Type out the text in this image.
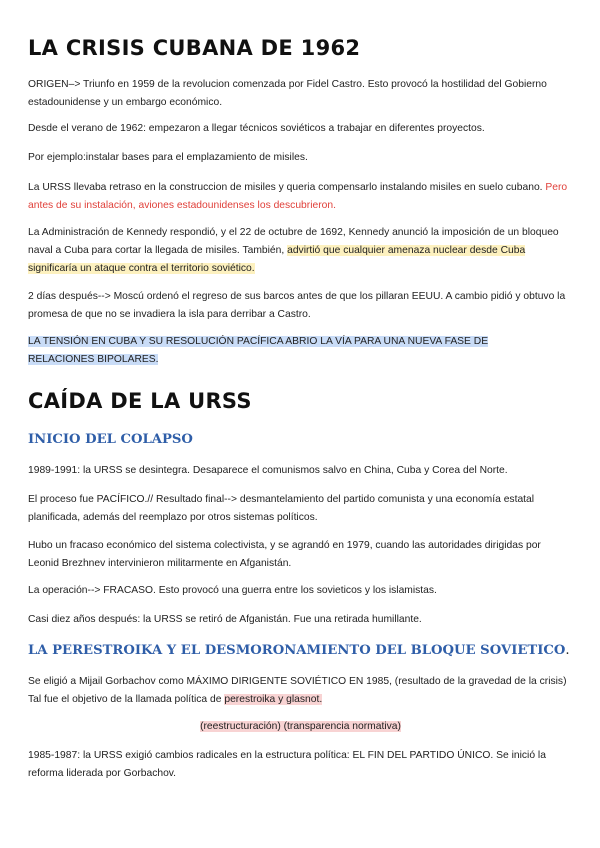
LA CRISIS CUBANA DE 1962

ORIGEN–> Triunfo en 1959 de la revolucion comenzada por Fidel Castro. Esto provocó la hostilidad del Gobierno estadounidense y un embargo económico.

Desde el verano de 1962: empezaron a llegar técnicos soviéticos a trabajar en diferentes proyectos.

Por ejemplo:instalar bases para el emplazamiento de misiles.

La URSS llevaba retraso en la construccion de misiles y queria compensarlo instalando misiles en suelo cubano. Pero antes de su instalación, aviones estadounidenses los descubrieron.

La Administración de Kennedy respondió, y el 22 de octubre de 1692, Kennedy anunció la imposición de un bloqueo naval a Cuba para cortar la llegada de misiles. También, advirtió que cualquier amenaza nuclear desde Cuba significaría un ataque contra el territorio soviético.

2 días después--> Moscú ordenó el regreso de sus barcos antes de que los pillaran EEUU. A cambio pidió y obtuvo la promesa de que no se invadiera la isla para derribar a Castro.

LA TENSIÓN EN CUBA Y SU RESOLUCIÓN PACÍFICA ABRIO LA VÍA PARA UNA NUEVA FASE DE RELACIONES BIPOLARES.

CAÍDA DE LA URSS
INICIO DEL COLAPSO

1989-1991: la URSS se desintegra. Desaparece el comunismos salvo en China, Cuba y Corea del Norte.

El proceso fue PACÍFICO.// Resultado final--> desmantelamiento del partido comunista y una economía estatal planificada, además del reemplazo por otros sistemas políticos.

Hubo un fracaso económico del sistema colectivista, y se agrandó en 1979, cuando las autoridades dirigidas por Leonid Brezhnev intervinieron militarmente en Afganistán.

La operación--> FRACASO. Esto provocó una guerra entre los sovieticos y los islamistas.

Casi diez años después: la URSS se retiró de Afganistán. Fue una retirada humillante.

LA PERESTROIKA Y EL DESMORONAMIENTO DEL BLOQUE SOVIETICO.

Se eligió a Mijail Gorbachov como MÁXIMO DIRIGENTE SOVIÉTICO EN 1985, (resultado de la gravedad de la crisis) Tal fue el objetivo de la llamada política de perestroika y glasnot.

(reestructuración) (transparencia normativa)

1985-1987: la URSS exigió cambios radicales en la estructura política: EL FIN DEL PARTIDO ÚNICO. Se inició la reforma liderada por Gorbachov.
